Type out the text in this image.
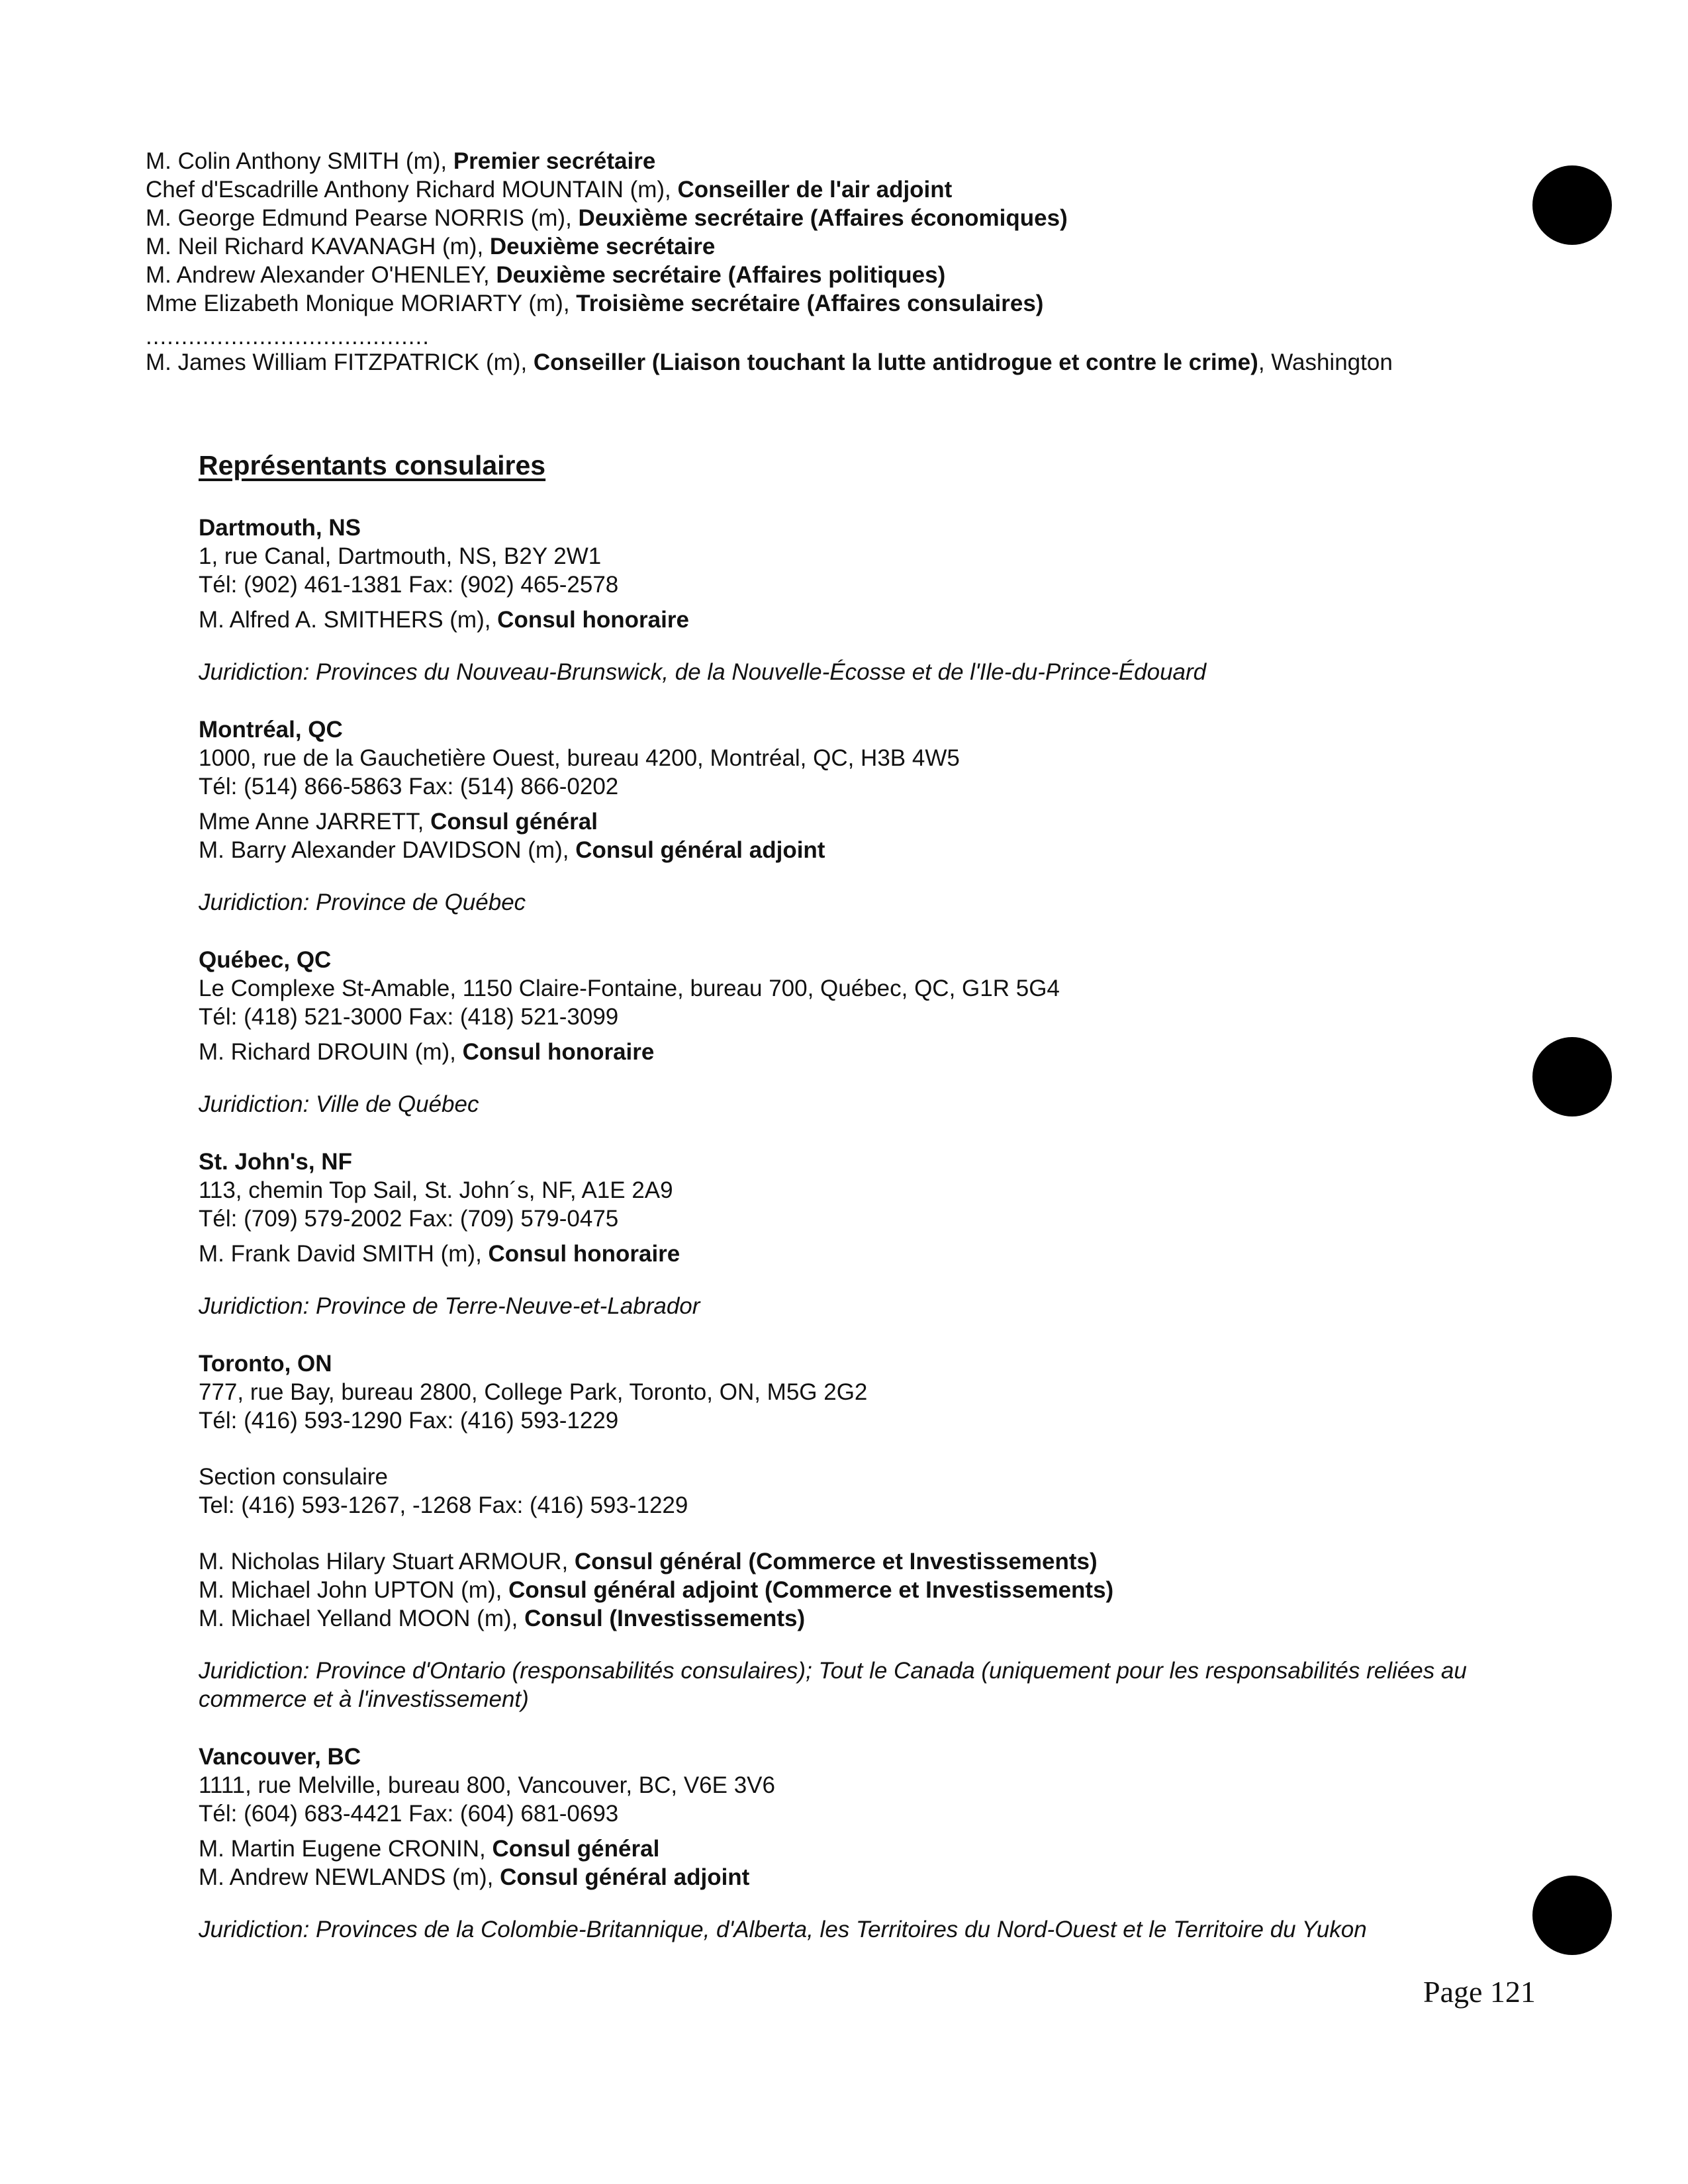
M. Colin Anthony SMITH (m), Premier secrétaire
Chef d'Escadrille Anthony Richard MOUNTAIN (m), Conseiller de l'air adjoint
M. George Edmund Pearse NORRIS (m), Deuxième secrétaire (Affaires économiques)
M. Neil Richard KAVANAGH (m), Deuxième secrétaire
M. Andrew Alexander O'HENLEY, Deuxième secrétaire (Affaires politiques)
Mme Elizabeth Monique MORIARTY (m), Troisième secrétaire (Affaires consulaires)
........................................
M. James William FITZPATRICK (m), Conseiller (Liaison touchant la lutte antidrogue et contre le crime), Washington
Représentants consulaires
Dartmouth, NS
1, rue Canal, Dartmouth, NS, B2Y 2W1
Tél: (902) 461-1381 Fax: (902) 465-2578
M. Alfred A. SMITHERS (m), Consul honoraire
Juridiction: Provinces du Nouveau-Brunswick, de la Nouvelle-Écosse et de l'Ile-du-Prince-Édouard
Montréal, QC
1000, rue de la Gauchetière Ouest, bureau 4200, Montréal, QC, H3B 4W5
Tél: (514) 866-5863 Fax: (514) 866-0202
Mme Anne JARRETT, Consul général
M. Barry Alexander DAVIDSON (m), Consul général adjoint
Juridiction: Province de Québec
Québec, QC
Le Complexe St-Amable, 1150 Claire-Fontaine, bureau 700, Québec, QC, G1R 5G4
Tél: (418) 521-3000 Fax: (418) 521-3099
M. Richard DROUIN (m), Consul honoraire
Juridiction: Ville de Québec
St. John's, NF
113, chemin Top Sail, St. John´s, NF, A1E 2A9
Tél: (709) 579-2002 Fax: (709) 579-0475
M. Frank David SMITH (m), Consul honoraire
Juridiction: Province de Terre-Neuve-et-Labrador
Toronto, ON
777, rue Bay, bureau 2800, College Park, Toronto, ON, M5G 2G2
Tél: (416) 593-1290 Fax: (416) 593-1229
Section consulaire
Tel: (416) 593-1267, -1268 Fax: (416) 593-1229
M. Nicholas Hilary Stuart ARMOUR, Consul général (Commerce et Investissements)
M. Michael John UPTON (m), Consul général adjoint (Commerce et Investissements)
M. Michael Yelland MOON (m), Consul (Investissements)
Juridiction: Province d'Ontario (responsabilités consulaires); Tout le Canada (uniquement pour les responsabilités reliées au commerce et à l'investissement)
Vancouver, BC
1111, rue Melville, bureau 800, Vancouver, BC, V6E 3V6
Tél: (604) 683-4421 Fax: (604) 681-0693
M. Martin Eugene CRONIN, Consul général
M. Andrew NEWLANDS (m), Consul général adjoint
Juridiction: Provinces de la Colombie-Britannique, d'Alberta, les Territoires du Nord-Ouest et le Territoire du Yukon
Page 121
